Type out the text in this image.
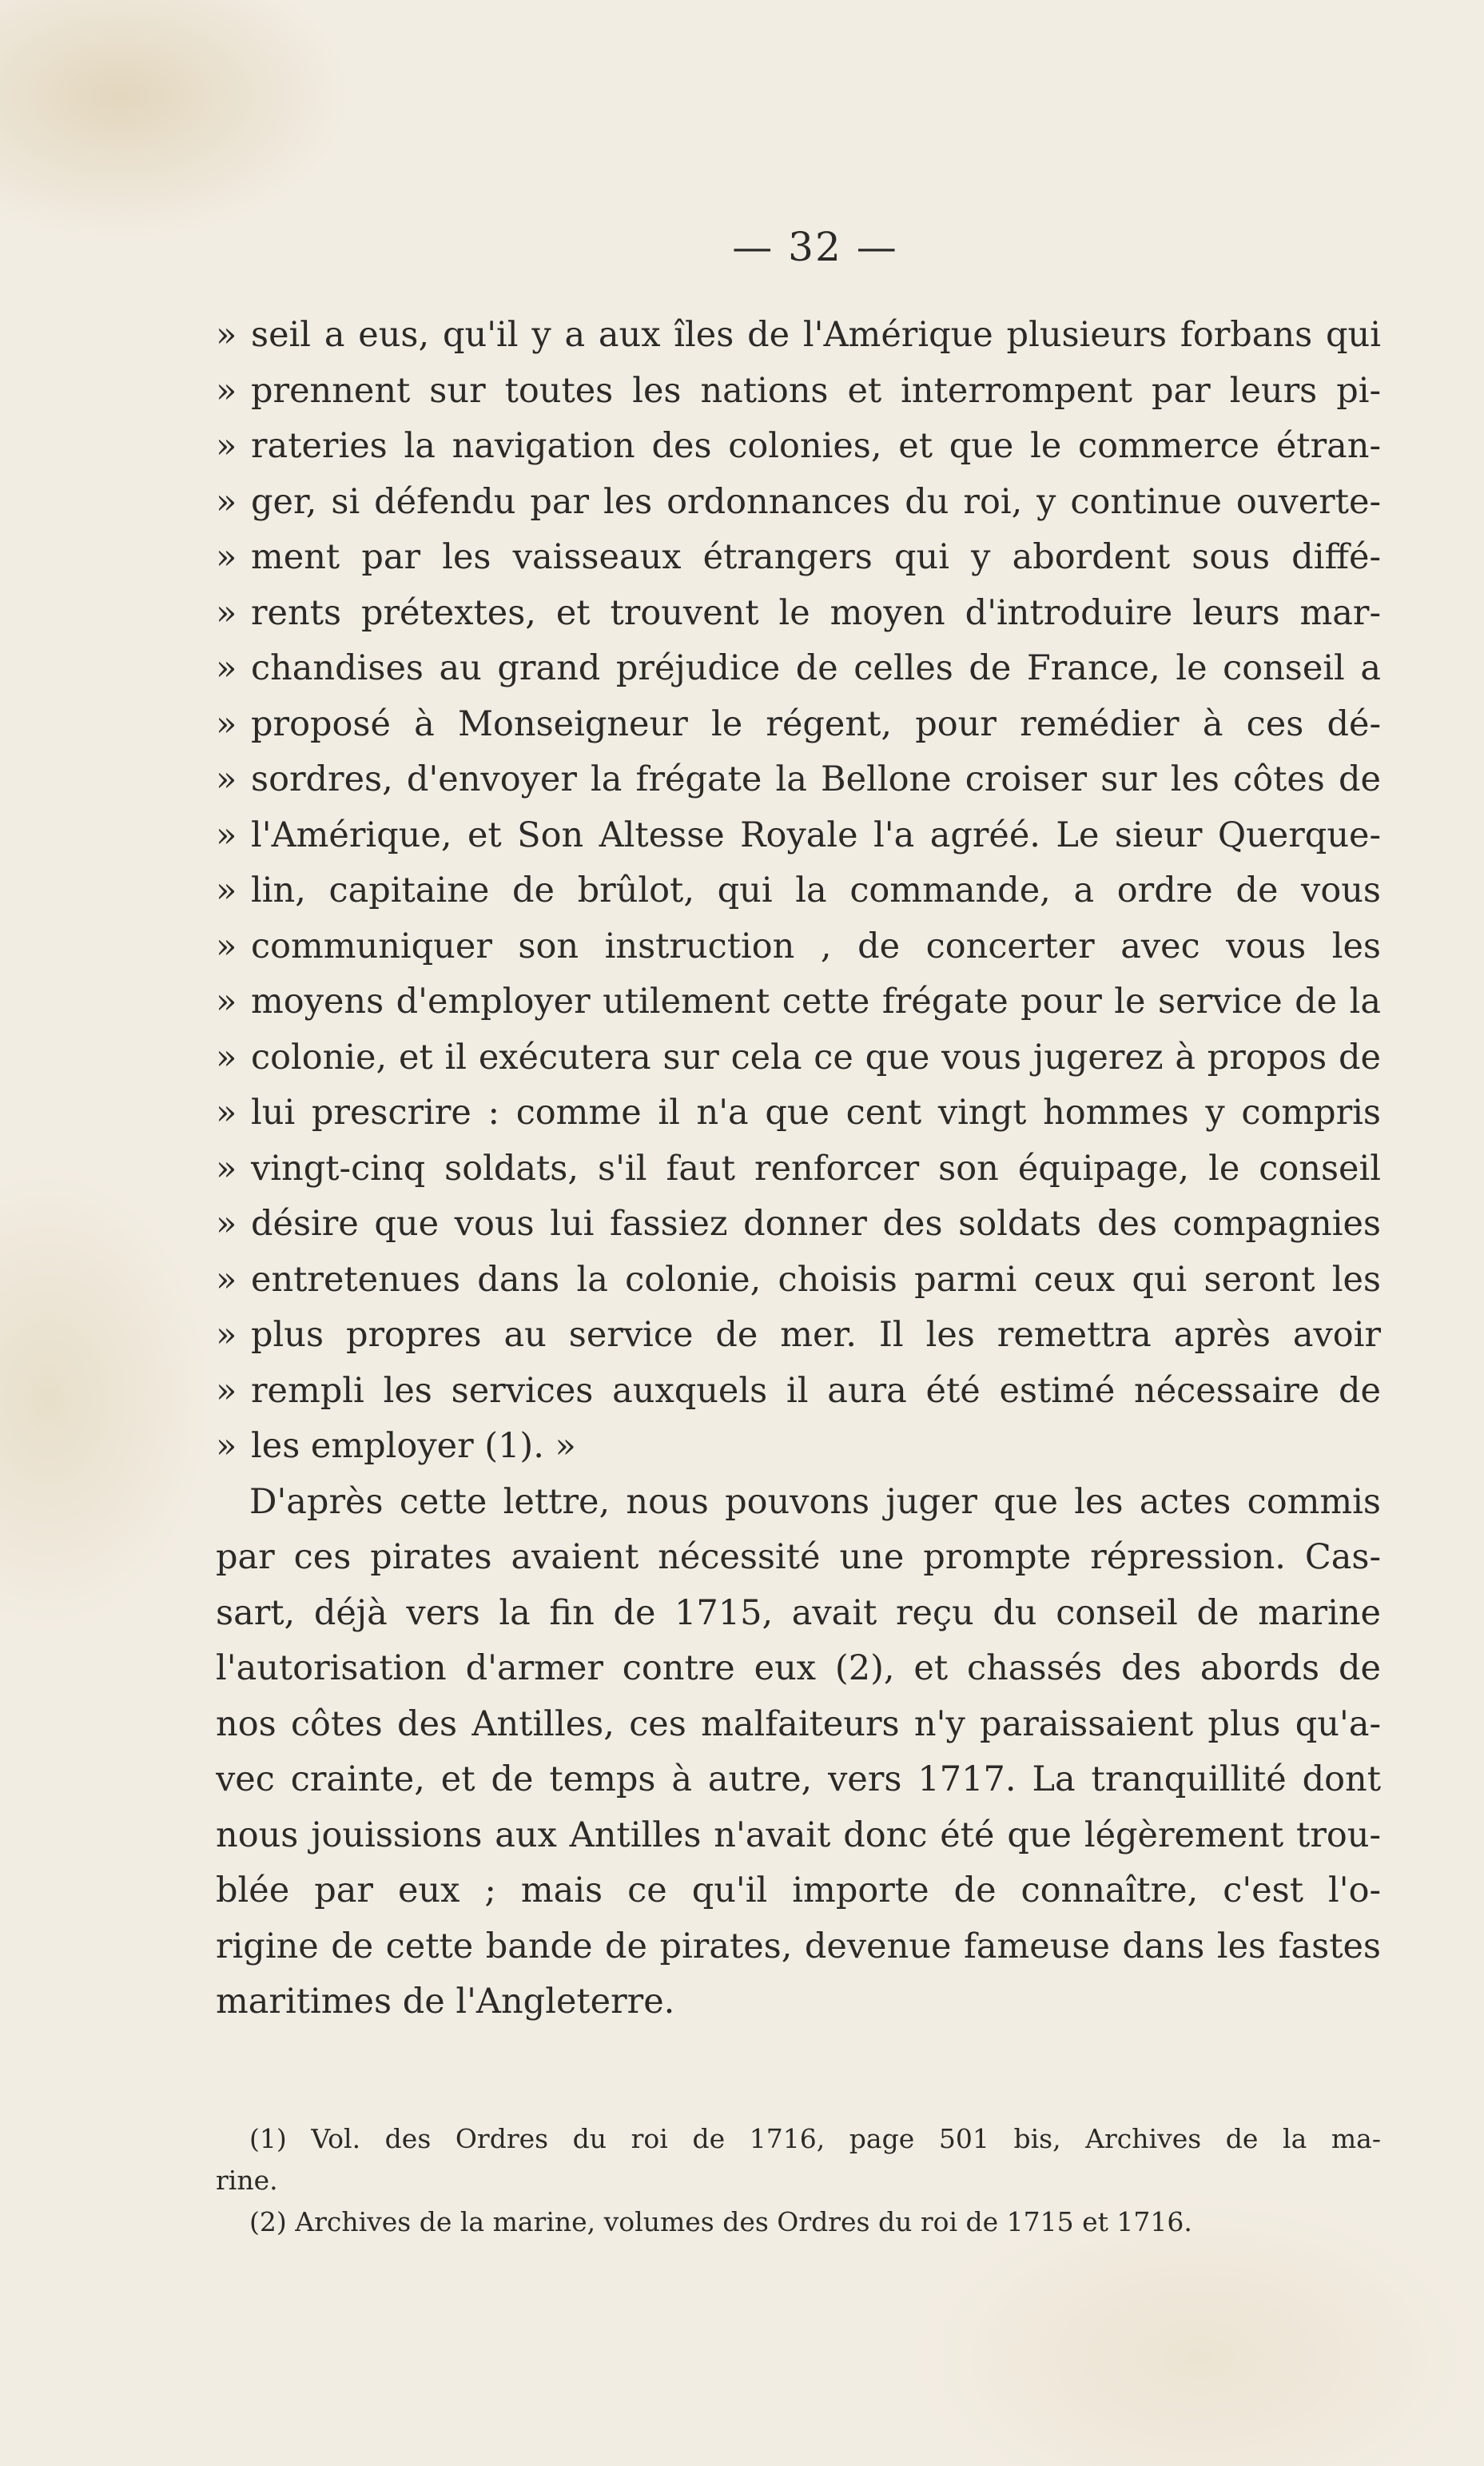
— 32 —
» seil a eus, qu'il y a aux îles de l'Amérique plusieurs forbans qui
» prennent sur toutes les nations et interrompent par leurs pi-
» rateries la navigation des colonies, et que le commerce étran-
» ger, si défendu par les ordonnances du roi, y continue ouverte-
» ment par les vaisseaux étrangers qui y abordent sous diffé-
» rents prétextes, et trouvent le moyen d'introduire leurs mar-
» chandises au grand préjudice de celles de France, le conseil a
» proposé à Monseigneur le régent, pour remédier à ces dé-
» sordres, d'envoyer la frégate la Bellone croiser sur les côtes de
» l'Amérique, et Son Altesse Royale l'a agréé. Le sieur Querque-
» lin, capitaine de brûlot, qui la commande, a ordre de vous
» communiquer son instruction , de concerter avec vous les
» moyens d'employer utilement cette frégate pour le service de la
» colonie, et il exécutera sur cela ce que vous jugerez à propos de
» lui prescrire : comme il n'a que cent vingt hommes y compris
» vingt-cinq soldats, s'il faut renforcer son équipage, le conseil
» désire que vous lui fassiez donner des soldats des compagnies
» entretenues dans la colonie, choisis parmi ceux qui seront les
» plus propres au service de mer. Il les remettra après avoir
» rempli les services auxquels il aura été estimé nécessaire de
» les employer (1). »
D'après cette lettre, nous pouvons juger que les actes commis
par ces pirates avaient nécessité une prompte répression. Cas-
sart, déjà vers la fin de 1715, avait reçu du conseil de marine
l'autorisation d'armer contre eux (2), et chassés des abords de
nos côtes des Antilles, ces malfaiteurs n'y paraissaient plus qu'a-
vec crainte, et de temps à autre, vers 1717. La tranquillité dont
nous jouissions aux Antilles n'avait donc été que légèrement trou-
blée par eux ; mais ce qu'il importe de connaître, c'est l'o-
rigine de cette bande de pirates, devenue fameuse dans les fastes
maritimes de l'Angleterre.
(1) Vol. des Ordres du roi de 1716, page 501 bis, Archives de la ma-
rine.
(2) Archives de la marine, volumes des Ordres du roi de 1715 et 1716.
